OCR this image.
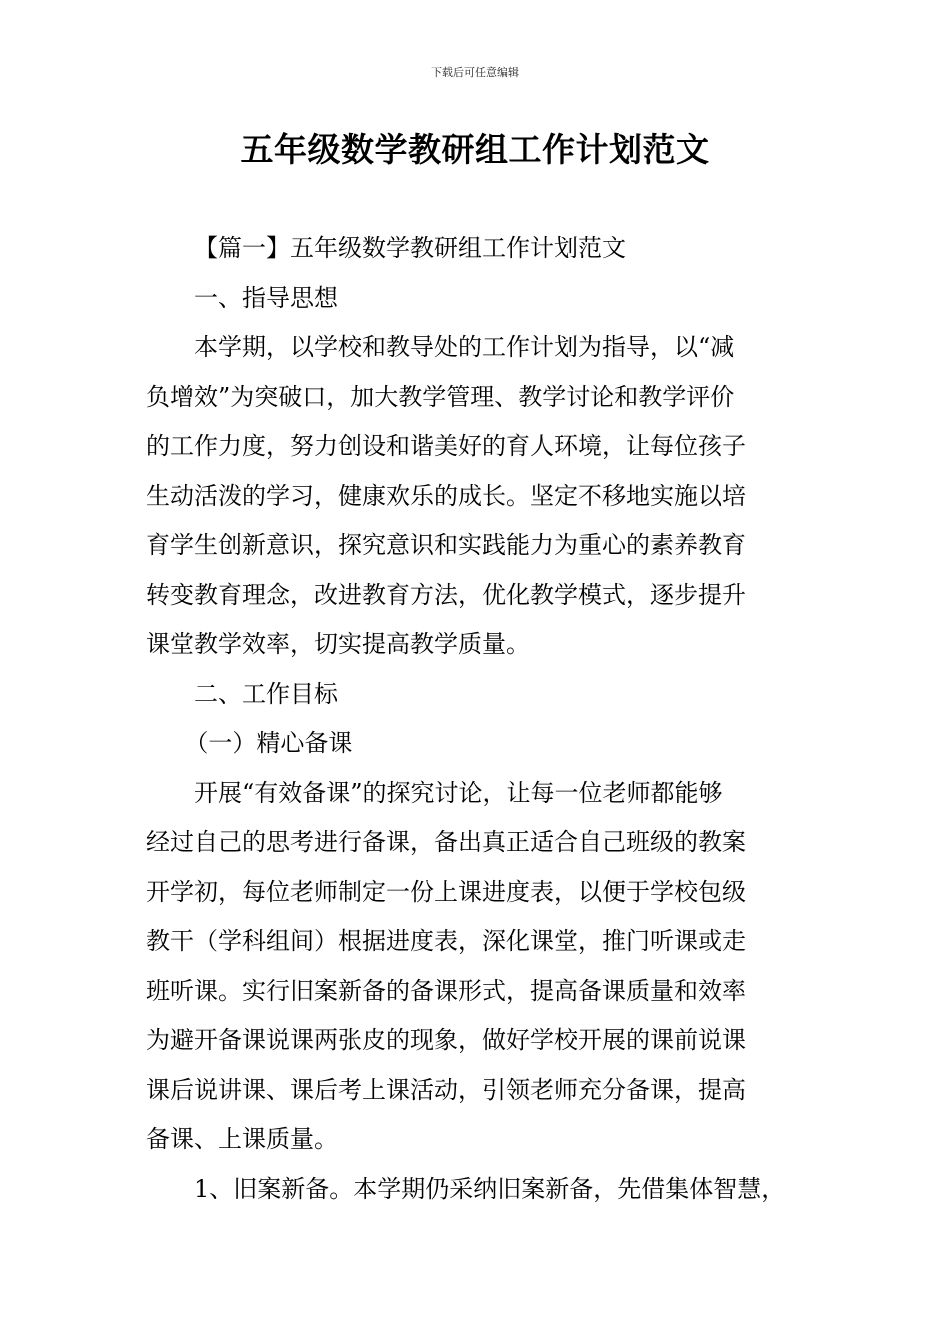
下载后可任意编辑
五年级数学教研组工作计划范文

【篇一】五年级数学教研组工作计划范文

一、指导思想

本学期，以学校和教导处的工作计划为指导，以“减
负增效”为突破口，加大教学管理、教学讨论和教学评价
的工作力度，努力创设和谐美好的育人环境，让每位孩子
生动活泼的学习，健康欢乐的成长。坚定不移地实施以培
育学生创新意识，探究意识和实践能力为重心的素养教育
转变教育理念，改进教育方法，优化教学模式，逐步提升
课堂教学效率，切实提高教学质量。

二、工作目标

（一）精心备课

开展“有效备课”的探究讨论，让每一位老师都能够
经过自己的思考进行备课，备出真正适合自己班级的教案
开学初，每位老师制定一份上课进度表，以便于学校包级
教干（学科组间）根据进度表，深化课堂，推门听课或走
班听课。实行旧案新备的备课形式，提高备课质量和效率
为避开备课说课两张皮的现象，做好学校开展的课前说课
课后说讲课、课后考上课活动，引领老师充分备课，提高
备课、上课质量。

1、旧案新备。本学期仍采纳旧案新备，先借集体智慧，
